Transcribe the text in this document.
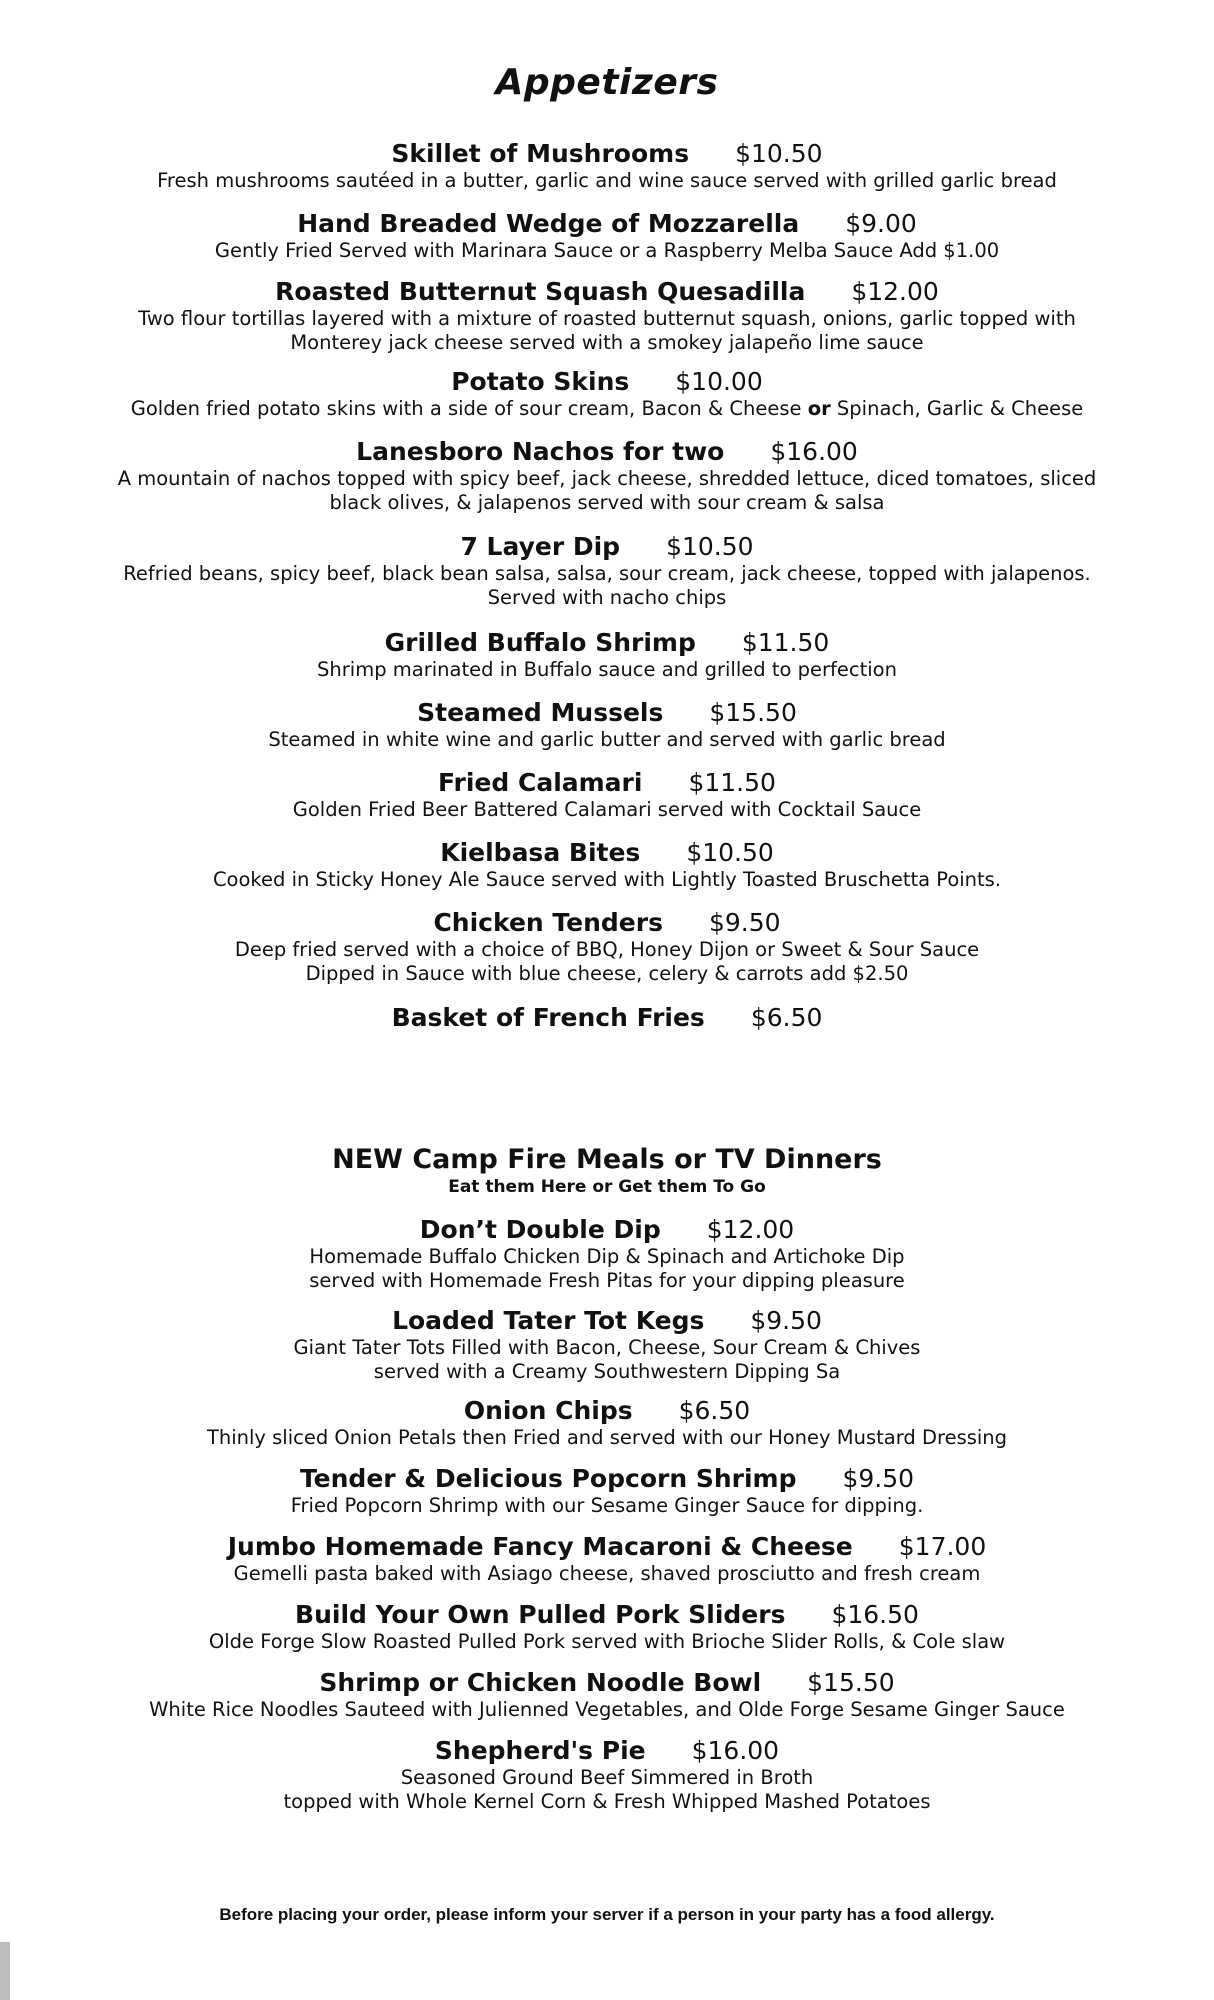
Appetizers
Skillet of Mushrooms $10.50
Fresh mushrooms sautéed in a butter, garlic and wine sauce served with grilled garlic bread
Hand Breaded Wedge of Mozzarella $9.00
Gently Fried Served with Marinara Sauce or a Raspberry Melba Sauce Add $1.00
Roasted Butternut Squash Quesadilla $12.00
Two flour tortillas layered with a mixture of roasted butternut squash, onions, garlic topped with
Monterey jack cheese served with a smokey jalapeño lime sauce
Potato Skins $10.00
Golden fried potato skins with a side of sour cream, Bacon & Cheese or Spinach, Garlic & Cheese
Lanesboro Nachos for two $16.00
A mountain of nachos topped with spicy beef, jack cheese, shredded lettuce, diced tomatoes, sliced
black olives, & jalapenos served with sour cream & salsa
7 Layer Dip $10.50
Refried beans, spicy beef, black bean salsa, salsa, sour cream, jack cheese, topped with jalapenos.
Served with nacho chips
Grilled Buffalo Shrimp $11.50
Shrimp marinated in Buffalo sauce and grilled to perfection
Steamed Mussels $15.50
Steamed in white wine and garlic butter and served with garlic bread
Fried Calamari $11.50
Golden Fried Beer Battered Calamari served with Cocktail Sauce
Kielbasa Bites $10.50
Cooked in Sticky Honey Ale Sauce served with Lightly Toasted Bruschetta Points.
Chicken Tenders $9.50
Deep fried served with a choice of BBQ, Honey Dijon or Sweet & Sour Sauce
Dipped in Sauce with blue cheese, celery & carrots add $2.50
Basket of French Fries $6.50
NEW Camp Fire Meals or TV Dinners
Eat them Here or Get them To Go
Don’t Double Dip $12.00
Homemade Buffalo Chicken Dip & Spinach and Artichoke Dip
served with Homemade Fresh Pitas for your dipping pleasure
Loaded Tater Tot Kegs $9.50
Giant Tater Tots Filled with Bacon, Cheese, Sour Cream & Chives
served with a Creamy Southwestern Dipping Sa
Onion Chips $6.50
Thinly sliced Onion Petals then Fried and served with our Honey Mustard Dressing
Tender & Delicious Popcorn Shrimp $9.50
Fried Popcorn Shrimp with our Sesame Ginger Sauce for dipping.
Jumbo Homemade Fancy Macaroni & Cheese $17.00
Gemelli pasta baked with Asiago cheese, shaved prosciutto and fresh cream
Build Your Own Pulled Pork Sliders $16.50
Olde Forge Slow Roasted Pulled Pork served with Brioche Slider Rolls, & Cole slaw
Shrimp or Chicken Noodle Bowl $15.50
White Rice Noodles Sauteed with Julienned Vegetables, and Olde Forge Sesame Ginger Sauce
Shepherd's Pie $16.00
Seasoned Ground Beef Simmered in Broth
topped with Whole Kernel Corn & Fresh Whipped Mashed Potatoes
Before placing your order, please inform your server if a person in your party has a food allergy.
